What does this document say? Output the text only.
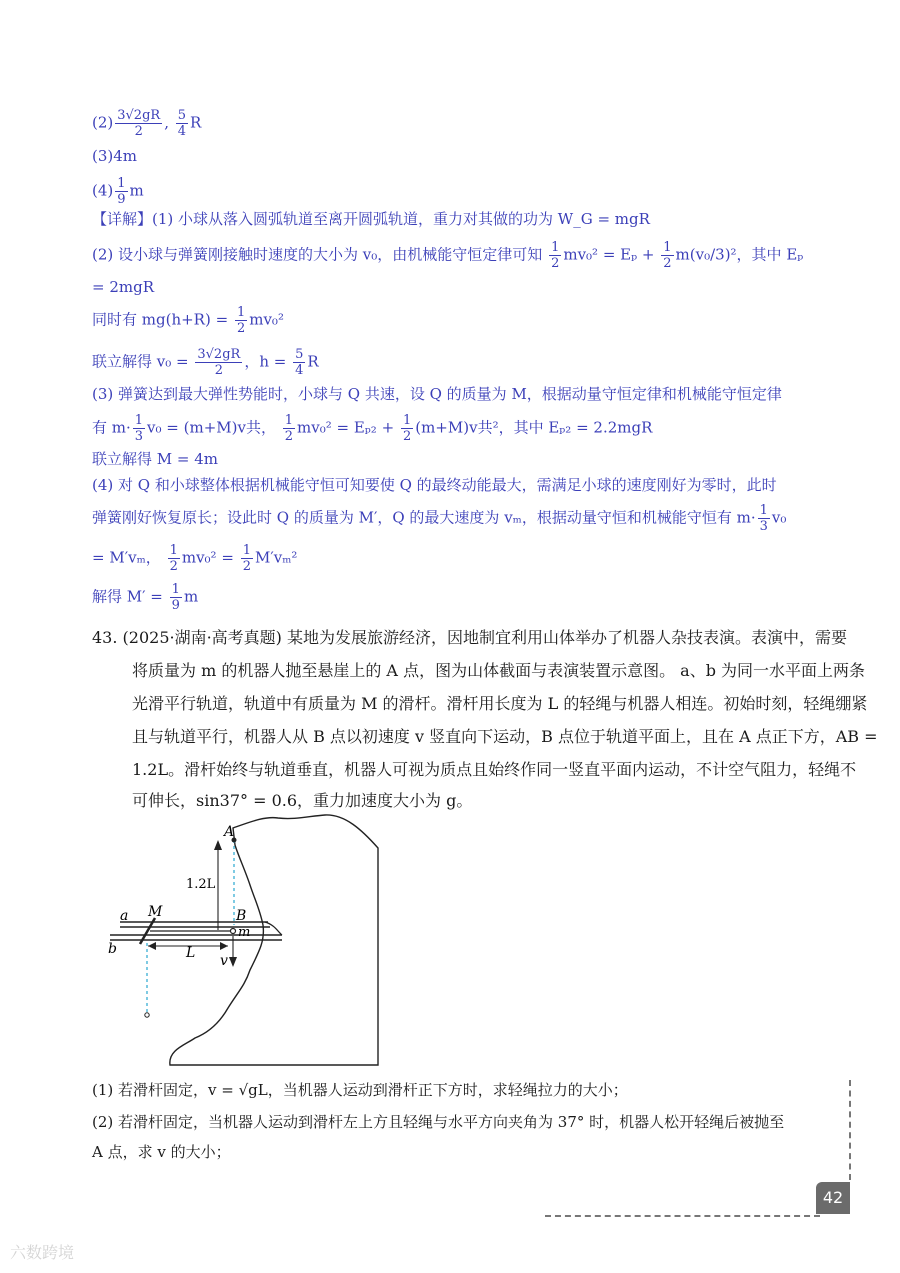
$(2) \frac{3√2gR}{2}$ , $\frac{5}{4}$ R
(3)4m
$(4) \frac{1}{9}$ m
【详解】(1) 小球从落入圆弧轨道至离开圆弧轨道，重力对其做的功为 W_G = mgR
(2) 设小球与弹簧刚接触时速度的大小为 v₀，由机械能守恒定律可知 $\frac{1}{2} mv_0^2 = E_p + \frac{1}{2} m(v_0/3)^2$，其中 Eₚ
= 2mgR
同时有 $mg(h+R) = \frac{1}{2} mv_0^2$
联立解得 $v_0 = \frac{3√2gR}{2}$ ，$h = \frac{5}{4}$ R
(3) 弹簧达到最大弹性势能时，小球与 Q 共速，设 Q 的质量为 M，根据动量守恒定律和机械能守恒定律
有 $m\cdot \frac{1}{3} v_0 = (m+M)v$共， $\frac{1}{2} mv_0^2 = E_{p2} + \frac{1}{2} (m+M)v$共²，其中 Eₚ₂ = 2.2mgR
联立解得 M = 4m
(4) 对 Q 和小球整体根据机械能守恒可知要使 Q 的最终动能最大，需满足小球的速度刚好为零时，此时
弹簧刚好恢复原长；设此时 Q 的质量为 M′，Q 的最大速度为 vₘ，根据动量守恒和机械能守恒有 $m\cdot \frac{1}{3} v_0$
= M′vₘ， $\frac{1}{2} mv_0^2 = \frac{1}{2} M'v_m^2$
解得 $M' = \frac{1}{9}$ m
43. (2025·湖南·高考真题) 某地为发展旅游经济，因地制宜利用山体举办了机器人杂技表演。表演中，需要
将质量为 m 的机器人抛至悬崖上的 A 点，图为山体截面与表演装置示意图。 a、b 为同一水平面上两条
光滑平行轨道，轨道中有质量为 M 的滑杆。滑杆用长度为 L 的轻绳与机器人相连。初始时刻，轻绳绷紧
且与轨道平行，机器人从 B 点以初速度 v 竖直向下运动，B 点位于轨道平面上，且在 A 点正下方，AB =
1.2L。滑杆始终与轨道垂直，机器人可视为质点且始终作同一竖直平面内运动，不计空气阻力，轻绳不
可伸长，sin37° = 0.6，重力加速度大小为 g。
A
B
M
m
a
b	L v
1.2L
(1) 若滑杆固定，v = √gL，当机器人运动到滑杆正下方时，求轻绳拉力的大小；
(2) 若滑杆固定，当机器人运动到滑杆左上方且轻绳与水平方向夹角为 37° 时，机器人松开轻绳后被抛至
A 点，求 v 的大小；
42
六数跨境
